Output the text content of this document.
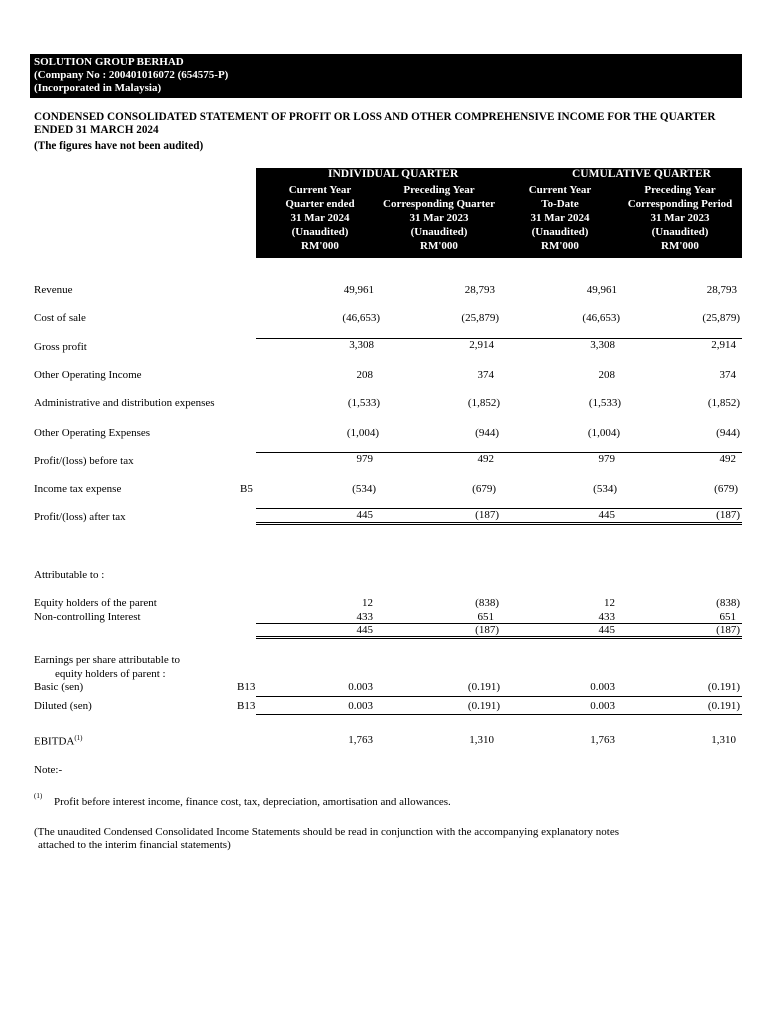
SOLUTION GROUP BERHAD
(Company No : 200401016072 (654575-P)
(Incorporated in Malaysia)
CONDENSED CONSOLIDATED STATEMENT OF PROFIT OR LOSS AND OTHER COMPREHENSIVE INCOME FOR THE QUARTER ENDED 31 MARCH 2024
(The figures have not been audited)
INDIVIDUAL QUARTER	CUMULATIVE QUARTER
Current Year
Quarter ended
31 Mar 2024
(Unaudited)
RM'000
Preceding Year
Corresponding Quarter
31 Mar 2023
(Unaudited)
RM'000
Current Year
To-Date
31 Mar 2024
(Unaudited)
RM'000
Preceding Year
Corresponding Period
31 Mar 2023
(Unaudited)
RM'000
Revenue	49,961	28,793	49,961	28,793
Cost of sale	(46,653)	(25,879)	(46,653)	(25,879)
Gross profit	3,308	2,914	3,308	2,914
Other Operating Income	208	374	208	374
Administrative and distribution expenses	(1,533)	(1,852)	(1,533)	(1,852)
Other Operating Expenses	(1,004)	(944)	(1,004)	(944)
Profit/(loss) before tax	979	492	979	492
Income tax expense	B5	(534)	(679)	(534)	(679)
Profit/(loss) after tax	445	(187)	445	(187)
Attributable to :
Equity holders of the parent	12	(838)	12	(838)
Non-controlling Interest	433	651	433	651
445	(187)	445	(187)
Earnings per share attributable to
equity holders of parent :
Basic (sen)	B13	0.003	(0.191)	0.003	(0.191)
Diluted (sen)	B13	0.003	(0.191)	0.003	(0.191)
EBITDA$^{(1)}$	1,763	1,310	1,763	1,310
Note:-
(1) Profit before interest income, finance cost, tax, depreciation, amortisation and allowances.
(The unaudited Condensed Consolidated Income Statements should be read in conjunction with the accompanying explanatory notes
attached to the interim financial statements)
